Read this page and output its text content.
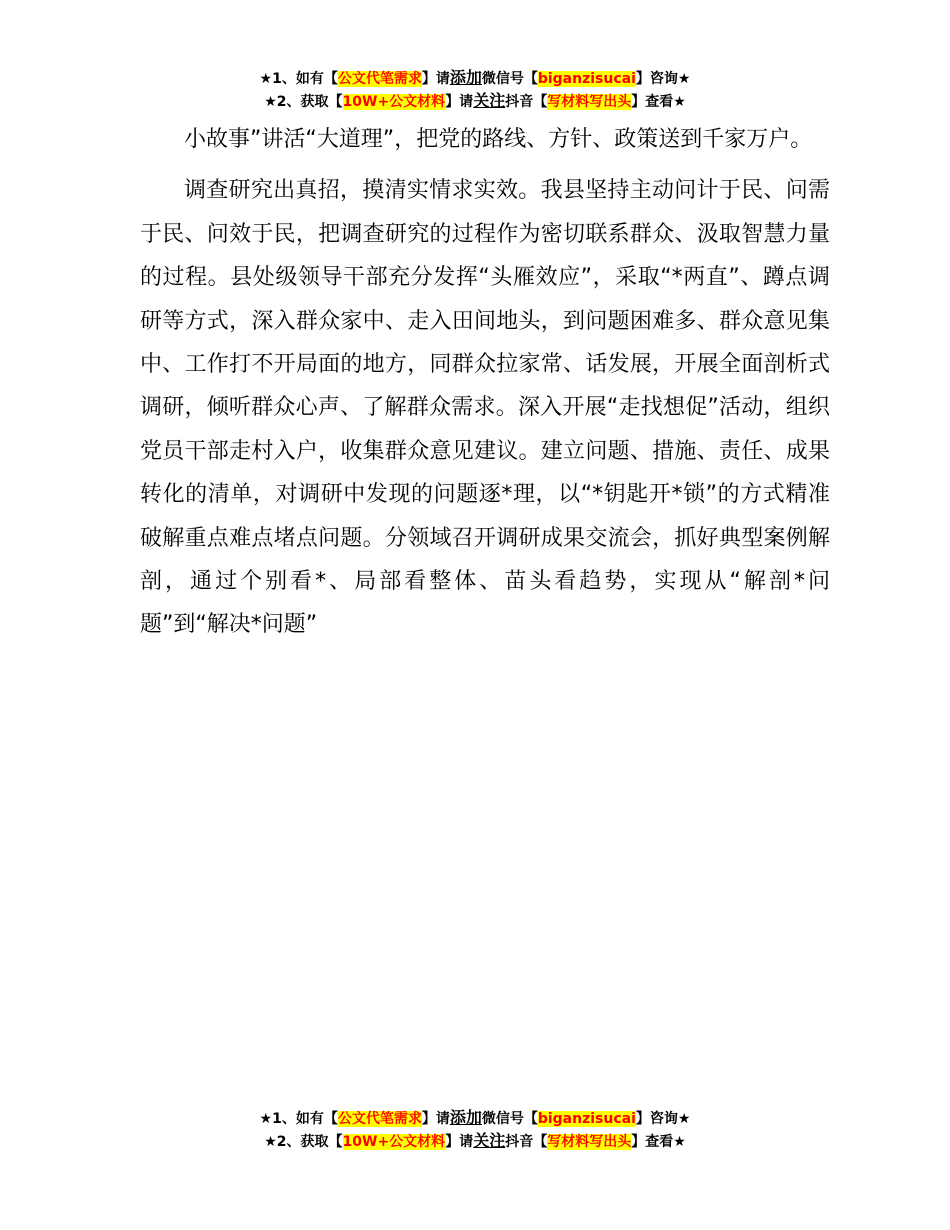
★1、如有【公文代笔需求】请添加微信号【biganzisucai】咨询★
★2、获取【10W+公文材料】请关注抖音【写材料写出头】查看★

小故事”讲活“大道理”，把党的路线、方针、政策送到千家万户。

调查研究出真招，摸清实情求实效。我县坚持主动问计于民、问需于民、问效于民，把调查研究的过程作为密切联系群众、汲取智慧力量的过程。县处级领导干部充分发挥“头雁效应”，采取“*两直”、蹲点调研等方式，深入群众家中、走入田间地头，到问题困难多、群众意见集中、工作打不开局面的地方，同群众拉家常、话发展，开展全面剖析式调研，倾听群众心声、了解群众需求。深入开展“走找想促”活动，组织党员干部走村入户，收集群众意见建议。建立问题、措施、责任、成果转化的清单，对调研中发现的问题逐*理，以“*钥匙开*锁”的方式精准破解重点难点堵点问题。分领域召开调研成果交流会，抓好典型案例解剖，通过个别看*、局部看整体、苗头看趋势，实现从“解剖*问题”到“解决*问题”

★1、如有【公文代笔需求】请添加微信号【biganzisucai】咨询★
★2、获取【10W+公文材料】请关注抖音【写材料写出头】查看★
